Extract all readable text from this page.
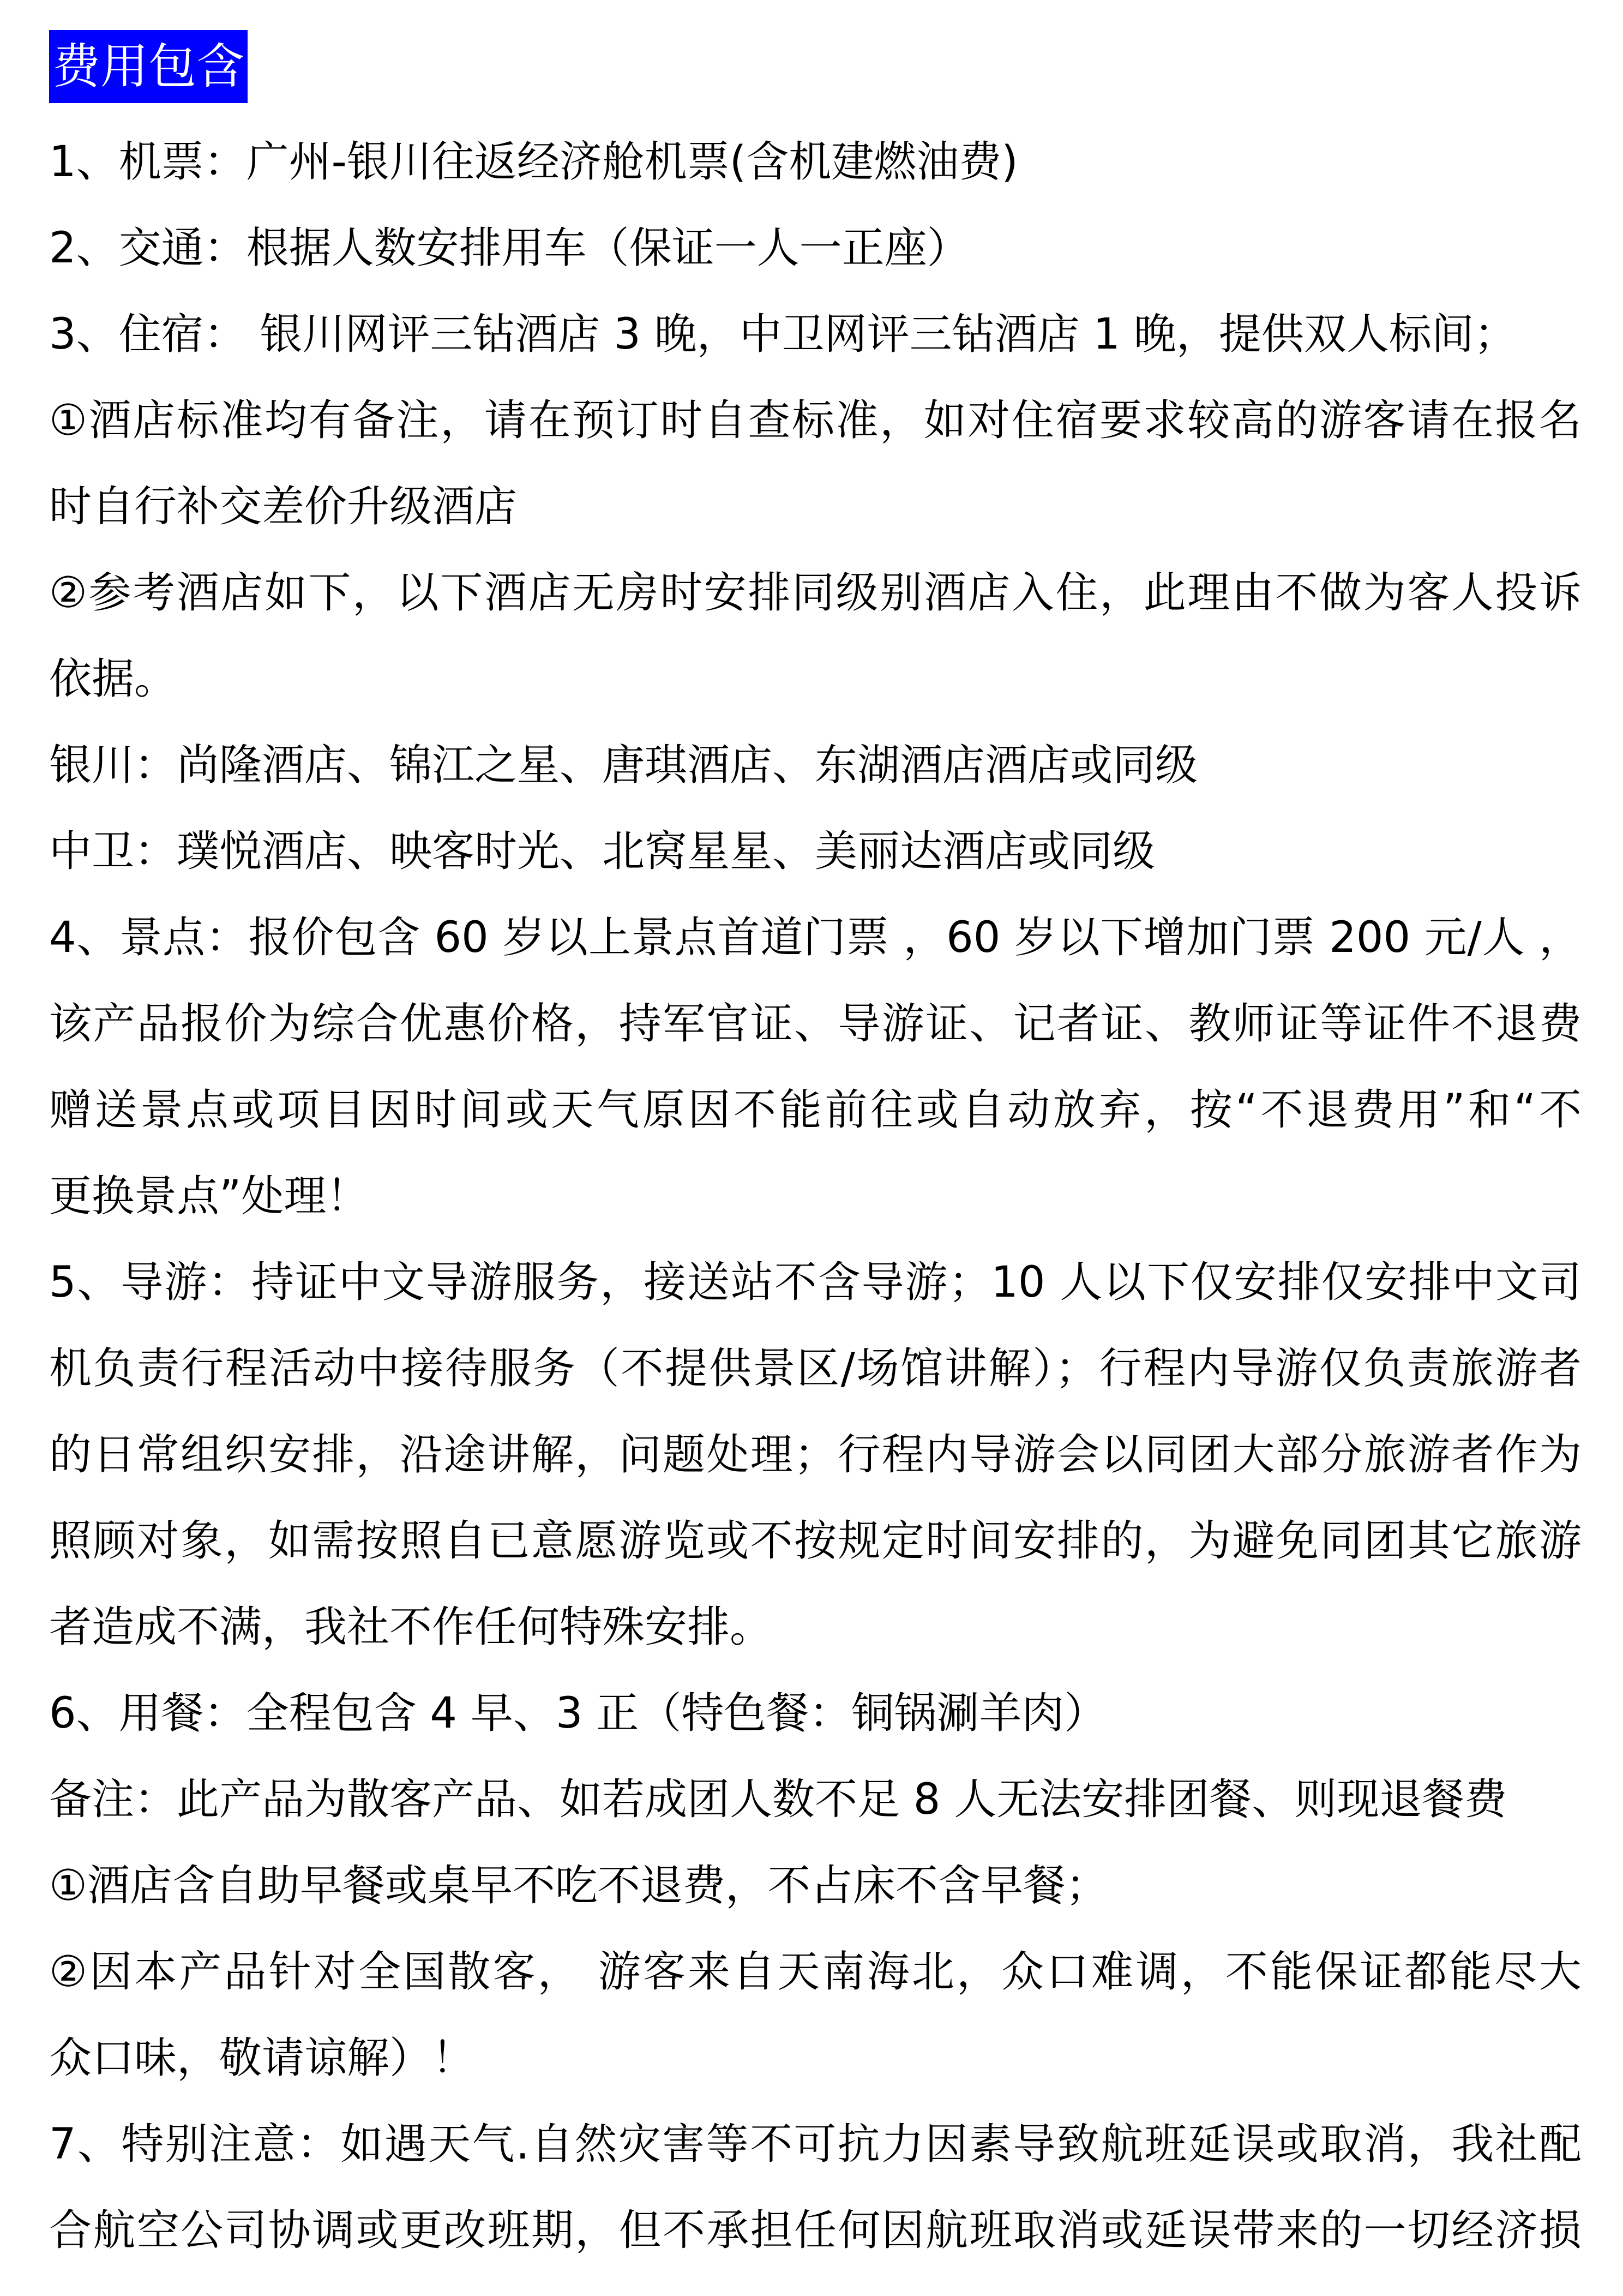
费用包含
1、机票：广州-银川往返经济舱机票(含机建燃油费)
2、交通：根据人数安排用车（保证一人一正座）
3、住宿： 银川网评三钻酒店 3 晚，中卫网评三钻酒店 1 晚，提供双人标间；
①酒店标准均有备注，请在预订时自查标准，如对住宿要求较高的游客请在报名
时自行补交差价升级酒店
②参考酒店如下，以下酒店无房时安排同级别酒店入住，此理由不做为客人投诉
依据。
银川：尚隆酒店、锦江之星、唐琪酒店、东湖酒店酒店或同级
中卫：璞悦酒店、映客时光、北窝星星、美丽达酒店或同级
4、景点：报价包含 60 岁以上景点首道门票 ，60 岁以下增加门票 200 元/人 ，
该产品报价为综合优惠价格，持军官证、导游证、记者证、教师证等证件不退费
赠送景点或项目因时间或天气原因不能前往或自动放弃，按“不退费用”和“不
更换景点”处理！
5、导游：持证中文导游服务，接送站不含导游；10 人以下仅安排仅安排中文司
机负责行程活动中接待服务（不提供景区/场馆讲解）；行程内导游仅负责旅游者
的日常组织安排，沿途讲解，问题处理；行程内导游会以同团大部分旅游者作为
照顾对象，如需按照自已意愿游览或不按规定时间安排的，为避免同团其它旅游
者造成不满，我社不作任何特殊安排。
6、用餐：全程包含 4 早、3 正（特色餐：铜锅涮羊肉）
备注：此产品为散客产品、如若成团人数不足 8 人无法安排团餐、则现退餐费
①酒店含自助早餐或桌早不吃不退费，不占床不含早餐；
②因本产品针对全国散客， 游客来自天南海北，众口难调，不能保证都能尽大
众口味，敬请谅解）！
7、特别注意：如遇天气.自然灾害等不可抗力因素导致航班延误或取消，我社配
合航空公司协调或更改班期，但不承担任何因航班取消或延误带来的一切经济损
